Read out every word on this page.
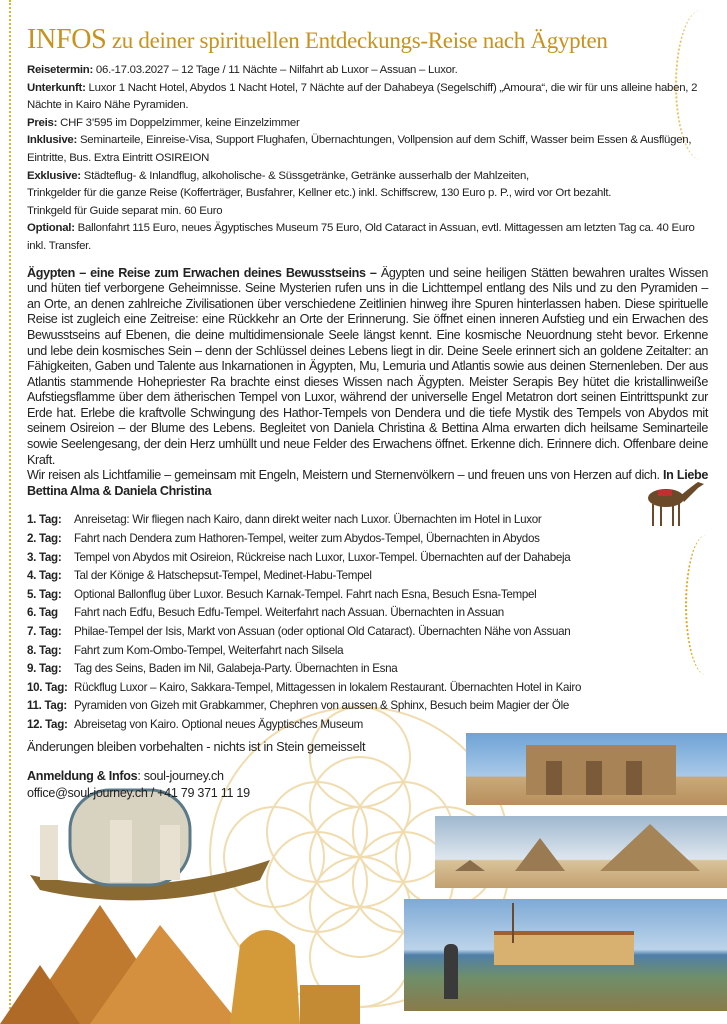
INFOS zu deiner spirituellen Entdeckungs-Reise nach Ägypten
Reisetermin: 06.-17.03.2027 – 12 Tage / 11 Nächte – Nilfahrt ab Luxor – Assuan – Luxor.
Unterkunft: Luxor 1 Nacht Hotel, Abydos 1 Nacht Hotel, 7 Nächte auf der Dahabeya (Segelschiff) „Amoura“, die wir für uns alleine haben, 2 Nächte in Kairo Nähe Pyramiden.
Preis: CHF 3’595 im Doppelzimmer, keine Einzelzimmer
Inklusive: Seminarteile, Einreise-Visa, Support Flughafen, Übernachtungen, Vollpension auf dem Schiff, Wasser beim Essen & Ausflügen, Eintritte, Bus. Extra Eintritt OSIREION
Exklusive: Städteflug- & Inlandflug, alkoholische- & Süssgetränke, Getränke ausserhalb der Mahlzeiten,
Trinkgelder für die ganze Reise (Kofferträger, Busfahrer, Kellner etc.) inkl. Schiffscrew, 130 Euro p. P., wird vor Ort bezahlt.
Trinkgeld für Guide separat min. 60 Euro
Optional: Ballonfahrt 115 Euro, neues Ägyptisches Museum 75 Euro, Old Cataract in Assuan, evtl. Mittagessen am letzten Tag ca. 40 Euro inkl. Transfer.
Ägypten – eine Reise zum Erwachen deines Bewusstseins – Ägypten und seine heiligen Stätten bewahren uraltes Wissen und hüten tief verborgene Geheimnisse. Seine Mysterien rufen uns in die Lichttempel entlang des Nils und zu den Pyramiden – an Orte, an denen zahlreiche Zivilisationen über verschiedene Zeitlinien hinweg ihre Spuren hinterlassen haben. Diese spirituelle Reise ist zugleich eine Zeitreise: eine Rückkehr an Orte der Erinnerung. Sie öffnet einen inneren Aufstieg und ein Erwachen des Bewusstseins auf Ebenen, die deine multidimensionale Seele längst kennt. Eine kosmische Neuordnung steht bevor. Erkenne und lebe dein kosmisches Sein – denn der Schlüssel deines Lebens liegt in dir. Deine Seele erinnert sich an goldene Zeitalter: an Fähigkeiten, Gaben und Talente aus Inkarnationen in Ägypten, Mu, Lemuria und Atlantis sowie aus deinen Sternenleben. Der aus Atlantis stammende Hohepriester Ra brachte einst dieses Wissen nach Ägypten. Meister Serapis Bey hütet die kristallinweiße Aufstiegsflamme über dem ätherischen Tempel von Luxor, während der universelle Engel Metatron dort seinen Eintrittspunkt zur Erde hat. Erlebe die kraftvolle Schwingung des Hathor-Tempels von Dendera und die tiefe Mystik des Tempels von Abydos mit seinem Osireion – der Blume des Lebens. Begleitet von Daniela Christina & Bettina Alma erwarten dich heilsame Seminarteile sowie Seelengesang, der dein Herz umhüllt und neue Felder des Erwachens öffnet. Erkenne dich. Erinnere dich. Offenbare deine Kraft.
Wir reisen als Lichtfamilie – gemeinsam mit Engeln, Meistern und Sternenvölkern – und freuen uns von Herzen auf dich. In Liebe Bettina Alma & Daniela Christina
1. Tag:	Anreisetag: Wir fliegen nach Kairo, dann direkt weiter nach Luxor. Übernachten im Hotel in Luxor
2. Tag:	Fahrt nach Dendera zum Hathoren-Tempel, weiter zum Abydos-Tempel, Übernachten in Abydos
3. Tag:	Tempel von Abydos mit Osireion, Rückreise nach Luxor, Luxor-Tempel. Übernachten auf der Dahabeja
4. Tag:	Tal der Könige & Hatschepsut-Tempel, Medinet-Habu-Tempel
5. Tag:	Optional Ballonflug über Luxor. Besuch Karnak-Tempel. Fahrt nach Esna, Besuch Esna-Tempel
6. Tag	Fahrt nach Edfu, Besuch Edfu-Tempel. Weiterfahrt nach Assuan. Übernachten in Assuan
7. Tag:	Philae-Tempel der Isis, Markt von Assuan (oder optional Old Cataract). Übernachten Nähe von Assuan
8. Tag:	Fahrt zum Kom-Ombo-Tempel, Weiterfahrt nach Silsela
9. Tag:	Tag des Seins, Baden im Nil, Galabeja-Party. Übernachten in Esna
10. Tag: Rückflug Luxor – Kairo, Sakkara-Tempel, Mittagessen in lokalem Restaurant. Übernachten Hotel in Kairo
11. Tag: Pyramiden von Gizeh mit Grabkammer, Chephren von aussen & Sphinx, Besuch beim Magier der Öle
12. Tag: Abreisetag von Kairo. Optional neues Ägyptisches Museum
Änderungen bleiben vorbehalten - nichts ist in Stein gemeisselt
Anmeldung & Infos: soul-journey.ch
office@soul-journey.ch / +41 79 371 11 19
